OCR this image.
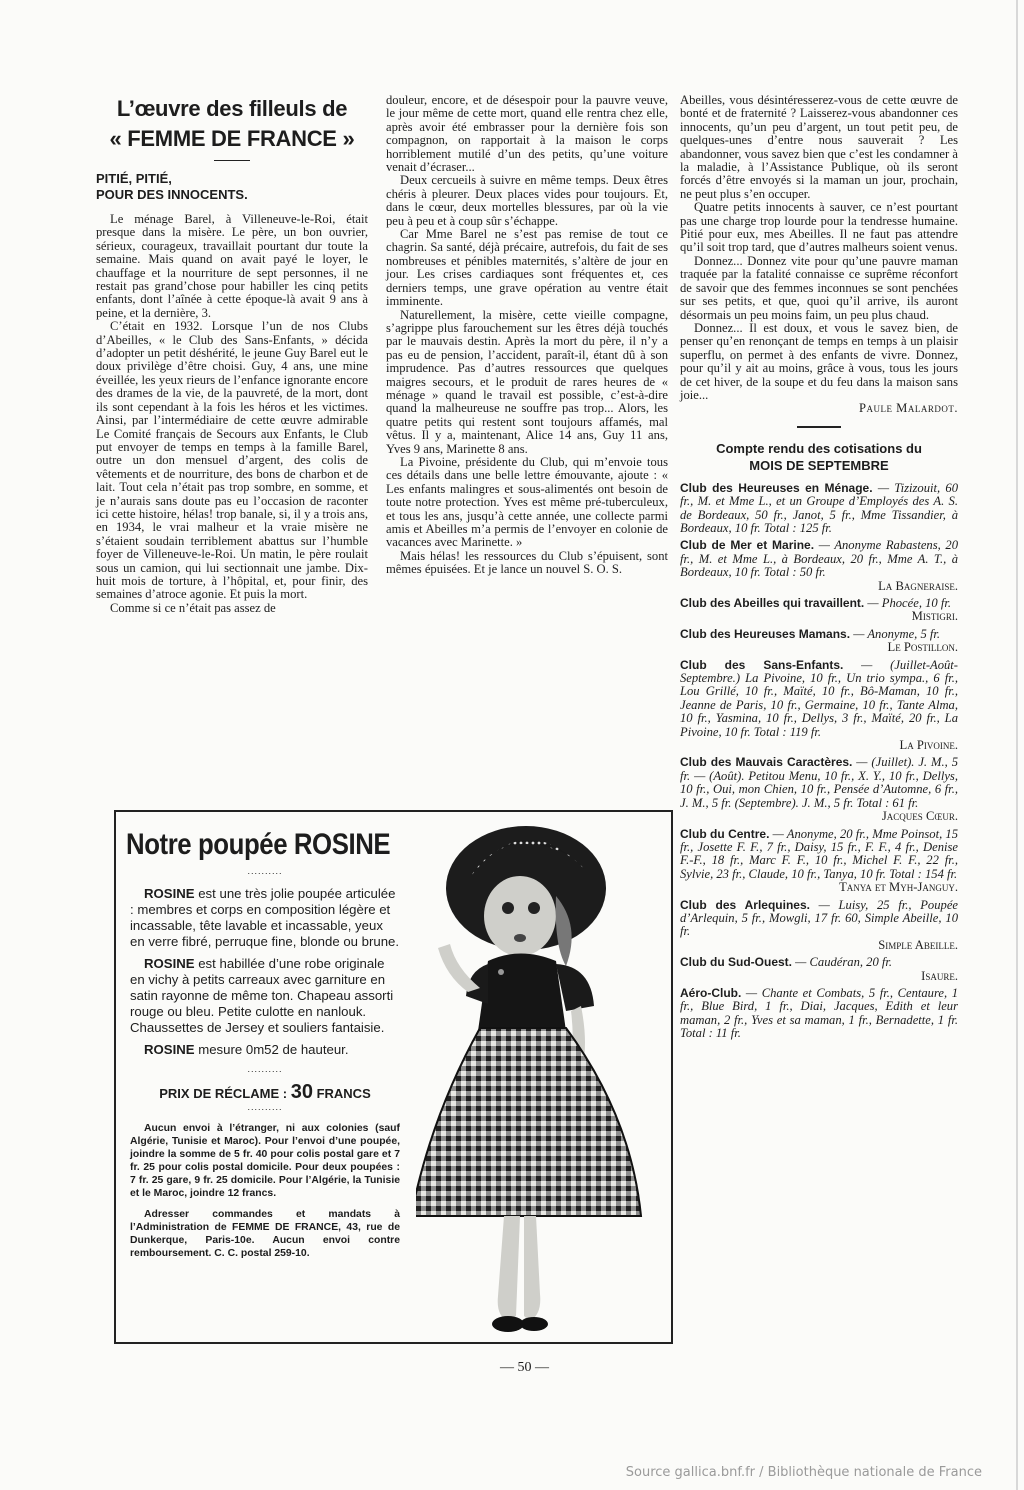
L’œuvre des filleuls de
« FEMME DE FRANCE »
PITIÉ, PITIÉ,
POUR DES INNOCENTS.

Le ménage Barel, à Villeneuve-le-Roi, était presque dans la misère. Le père, un bon ouvrier, sérieux, courageux, travaillait pourtant dur toute la semaine. Mais quand on avait payé le loyer, le chauffage et la nourriture de sept personnes, il ne restait pas grand’chose pour habiller les cinq petits enfants, dont l’aînée à cette époque-là avait 9 ans à peine, et la dernière, 3.

C’était en 1932. Lorsque l’un de nos Clubs d’Abeilles, « le Club des Sans-Enfants, » décida d’adopter un petit déshérité, le jeune Guy Barel eut le doux privilège d’être choisi. Guy, 4 ans, une mine éveillée, les yeux rieurs de l’enfance ignorante encore des drames de la vie, de la pauvreté, de la mort, dont ils sont cependant à la fois les héros et les victimes. Ainsi, par l’intermédiaire de cette œuvre admirable Le Comité français de Secours aux Enfants, le Club put envoyer de temps en temps à la famille Barel, outre un don mensuel d’argent, des colis de vêtements et de nourriture, des bons de charbon et de lait. Tout cela n’était pas trop sombre, en somme, et je n’aurais sans doute pas eu l’occasion de raconter ici cette histoire, hélas! trop banale, si, il y a trois ans, en 1934, le vrai malheur et la vraie misère ne s’étaient soudain terriblement abattus sur l’humble foyer de Villeneuve-le-Roi. Un matin, le père roulait sous un camion, qui lui sectionnait une jambe. Dix-huit mois de torture, à l’hôpital, et, pour finir, des semaines d’atroce agonie. Et puis la mort.

Comme si ce n’était pas assez de

douleur, encore, et de désespoir pour la pauvre veuve, le jour même de cette mort, quand elle rentra chez elle, après avoir été embrasser pour la dernière fois son compagnon, on rapportait à la maison le corps horriblement mutilé d’un des petits, qu’une voiture venait d’écraser...

Deux cercueils à suivre en même temps. Deux êtres chéris à pleurer. Deux places vides pour toujours. Et, dans le cœur, deux mortelles blessures, par où la vie peu à peu et à coup sûr s’échappe.

Car Mme Barel ne s’est pas remise de tout ce chagrin. Sa santé, déjà précaire, autrefois, du fait de ses nombreuses et pénibles maternités, s’altère de jour en jour. Les crises cardiaques sont fréquentes et, ces derniers temps, une grave opération au ventre était imminente.

Naturellement, la misère, cette vieille compagne, s’agrippe plus farouchement sur les êtres déjà touchés par le mauvais destin. Après la mort du père, il n’y a pas eu de pension, l’accident, paraît-il, étant dû à son imprudence. Pas d’autres ressources que quelques maigres secours, et le produit de rares heures de « ménage » quand le travail est possible, c’est-à-dire quand la malheureuse ne souffre pas trop... Alors, les quatre petits qui restent sont toujours affamés, mal vêtus. Il y a, maintenant, Alice 14 ans, Guy 11 ans, Yves 9 ans, Marinette 8 ans.

La Pivoine, présidente du Club, qui m’envoie tous ces détails dans une belle lettre émouvante, ajoute : « Les enfants malingres et sous-alimentés ont besoin de toute notre protection. Yves est même pré-tuberculeux, et tous les ans, jusqu’à cette année, une collecte parmi amis et Abeilles m’a permis de l’envoyer en colonie de vacances avec Marinette. »

Mais hélas! les ressources du Club s’épuisent, sont mêmes épuisées. Et je lance un nouvel S. O. S.

Abeilles, vous désintéresserez-vous de cette œuvre de bonté et de fraternité ? Laisserez-vous abandonner ces innocents, qu’un peu d’argent, un tout petit peu, de quelques-unes d’entre nous sauverait ? Les abandonner, vous savez bien que c’est les condamner à la maladie, à l’Assistance Publique, où ils seront forcés d’être envoyés si la maman un jour, prochain, ne peut plus s’en occuper.

Quatre petits innocents à sauver, ce n’est pourtant pas une charge trop lourde pour la tendresse humaine. Pitié pour eux, mes Abeilles. Il ne faut pas attendre qu’il soit trop tard, que d’autres malheurs soient venus.

Donnez... Donnez vite pour qu’une pauvre maman traquée par la fatalité connaisse ce suprême réconfort de savoir que des femmes inconnues se sont penchées sur ses petits, et que, quoi qu’il arrive, ils auront désormais un peu moins faim, un peu plus chaud.

Donnez... Il est doux, et vous le savez bien, de penser qu’en renonçant de temps en temps à un plaisir superflu, on permet à des enfants de vivre. Donnez, pour qu’il y ait au moins, grâce à vous, tous les jours de cet hiver, de la soupe et du feu dans la maison sans joie...

Paule Malardot.
Compte rendu des cotisations du
MOIS DE SEPTEMBRE

Club des Heureuses en Ménage. — Tizizouit, 60 fr., M. et Mme L., et un Groupe d’Employés des A. S. de Bordeaux, 50 fr., Janot, 5 fr., Mme Tissandier, à Bordeaux, 10 fr. Total : 125 fr.

Club de Mer et Marine. — Anonyme Rabastens, 20 fr., M. et Mme L., à Bordeaux, 20 fr., Mme A. T., à Bordeaux, 10 fr. Total : 50 fr.
La Bagneraise.

Club des Abeilles qui travaillent. — Phocée, 10 fr.
Mistigri.

Club des Heureuses Mamans. — Anonyme, 5 fr.
Le Postillon.

Club des Sans-Enfants. — (Juillet-Août-Septembre.) La Pivoine, 10 fr., Un trio sympa., 6 fr., Lou Grillé, 10 fr., Maïté, 10 fr., Bô-Maman, 10 fr., Jeanne de Paris, 10 fr., Germaine, 10 fr., Tante Alma, 10 fr., Yasmina, 10 fr., Dellys, 3 fr., Maïté, 20 fr., La Pivoine, 10 fr. Total : 119 fr.
La Pivoine.

Club des Mauvais Caractères. — (Juillet). J. M., 5 fr. — (Août). Petitou Menu, 10 fr., X. Y., 10 fr., Dellys, 10 fr., Oui, mon Chien, 10 fr., Pensée d’Automne, 6 fr., J. M., 5 fr. (Septembre). J. M., 5 fr. Total : 61 fr.
Jacques Cœur.

Club du Centre. — Anonyme, 20 fr., Mme Poinsot, 15 fr., Josette F. F., 7 fr., Daisy, 15 fr., F. F., 4 fr., Denise F.-F., 18 fr., Marc F. F., 10 fr., Michel F. F., 22 fr., Sylvie, 23 fr., Claude, 10 fr., Tanya, 10 fr. Total : 154 fr.
Tanya et Myh-Janguy.

Club des Arlequines. — Luisy, 25 fr., Poupée d’Arlequin, 5 fr., Mowgli, 17 fr. 60, Simple Abeille, 10 fr.
Simple Abeille.

Club du Sud-Ouest. — Caudéran, 20 fr.
Isaure.

Aéro-Club. — Chante et Combats, 5 fr., Centaure, 1 fr., Blue Bird, 1 fr., Diai, Jacques, Edith et leur maman, 2 fr., Yves et sa maman, 1 fr., Bernadette, 1 fr. Total : 11 fr.

Notre poupée ROSINE
..........

ROSINE est une très jolie poupée articulée : membres et corps en composition légère et incassable, tête lavable et incassable, yeux en verre fibré, perruque fine, blonde ou brune.

ROSINE est habillée d’une robe originale en vichy à petits carreaux avec garniture en satin rayonne de même ton. Chapeau assorti rouge ou bleu. Petite culotte en nanlouk. Chaussettes de Jersey et souliers fantaisie.

ROSINE mesure 0m52 de hauteur.

..........
PRIX DE RÉCLAME : 30 FRANCS
..........

Aucun envoi à l’étranger, ni aux colonies (sauf Algérie, Tunisie et Maroc). Pour l’envoi d’une poupée, joindre la somme de 5 fr. 40 pour colis postal gare et 7 fr. 25 pour colis postal domicile. Pour deux poupées : 7 fr. 25 gare, 9 fr. 25 domicile. Pour l’Algérie, la Tunisie et le Maroc, joindre 12 francs.

Adresser commandes et mandats à l’Administration de FEMME DE FRANCE, 43, rue de Dunkerque, Paris-10e. Aucun envoi contre remboursement. C. C. postal 259-10.

— 50 —
Source gallica.bnf.fr / Bibliothèque nationale de France
